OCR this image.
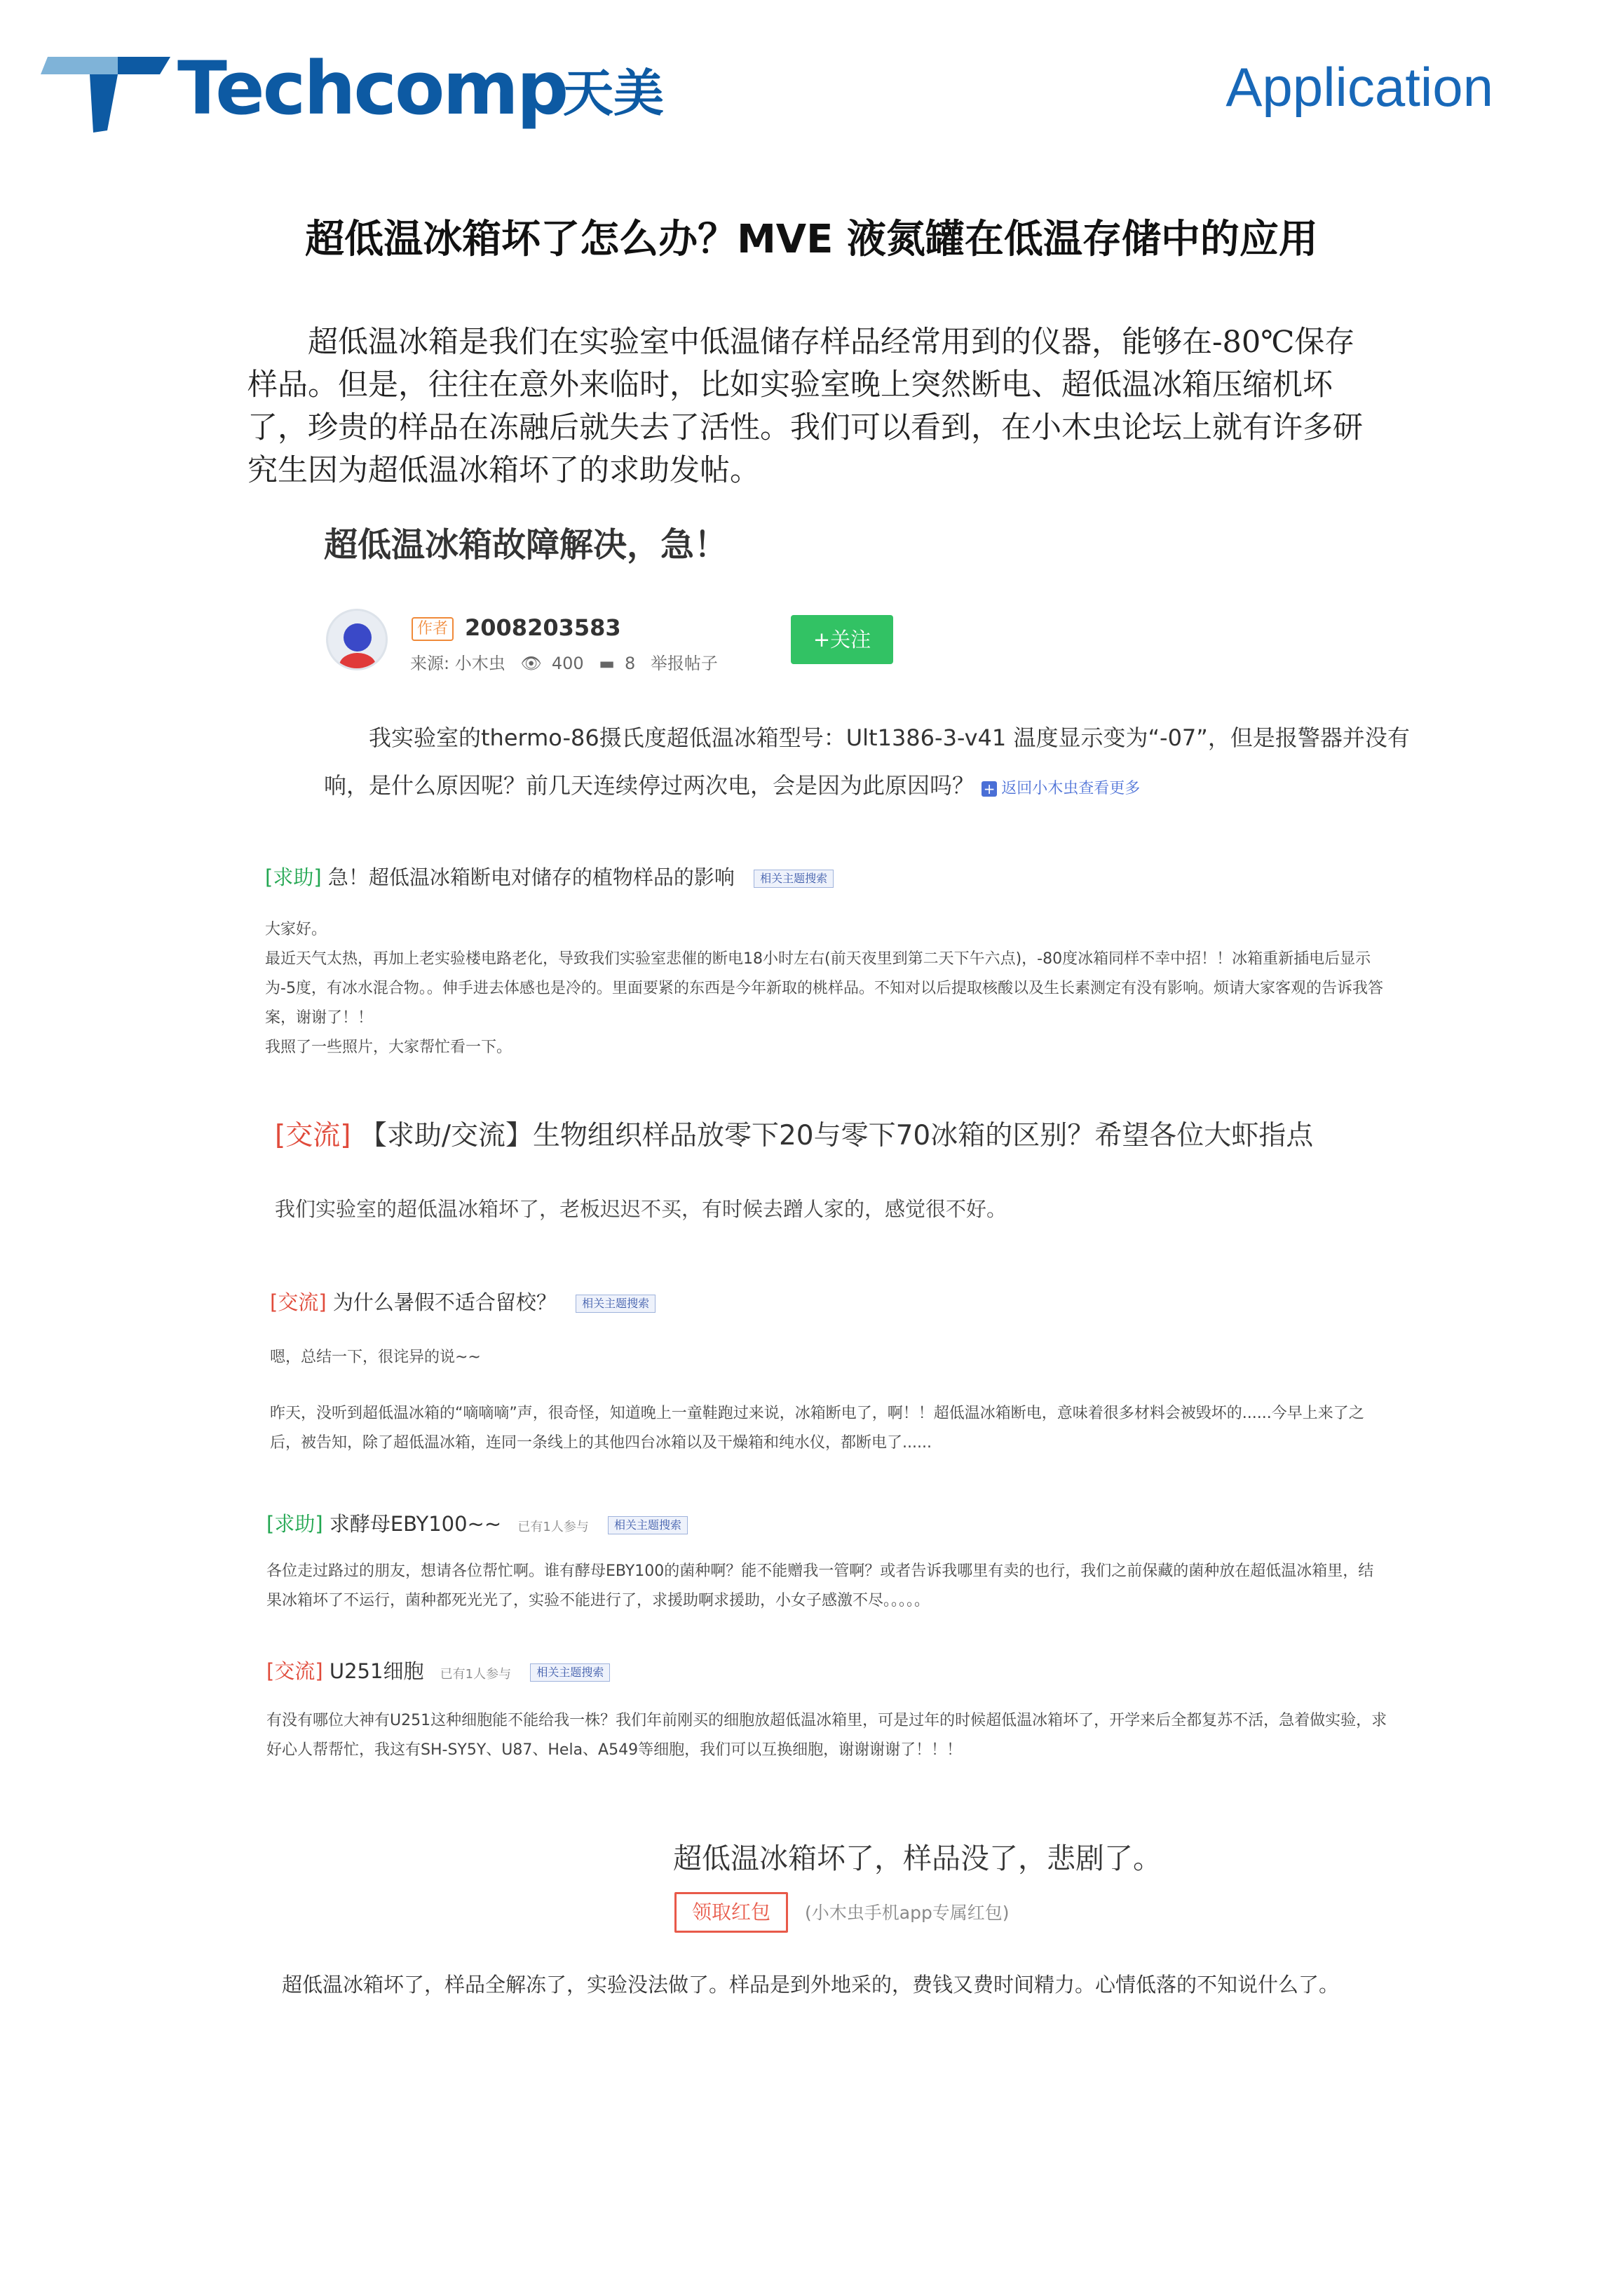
Techcomp
天美	Application
超低温冰箱坏了怎么办？MVE 液氮罐在低温存储中的应用
超低温冰箱是我们在实验室中低温储存样品经常用到的仪器，能够在-80℃保存样品。但是，往往在意外来临时，比如实验室晚上突然断电、超低温冰箱压缩机坏了，珍贵的样品在冻融后就失去了活性。我们可以看到，在小木虫论坛上就有许多研究生因为超低温冰箱坏了的求助发帖。
超低温冰箱故障解决，急！
作者 2008203583
来源: 小木虫 👁 400 ▬ 8 举报帖子
+关注
我实验室的thermo-86摄氏度超低温冰箱型号：Ult1386-3-v41 温度显示变为“-07”，但是报警器并没有响，是什么原因呢？前几天连续停过两次电，会是因为此原因吗？ + 返回小木虫查看更多
[求助] 急！超低温冰箱断电对储存的植物样品的影响 相关主题搜索
大家好。
最近天气太热，再加上老实验楼电路老化，导致我们实验室悲催的断电18小时左右(前天夜里到第二天下午六点)，-80度冰箱同样不幸中招！！冰箱重新插电后显示为-5度，有冰水混合物。。伸手进去体感也是冷的。里面要紧的东西是今年新取的桃样品。不知对以后提取核酸以及生长素测定有没有影响。烦请大家客观的告诉我答案，谢谢了！！
我照了一些照片，大家帮忙看一下。
[交流] 【求助/交流】生物组织样品放零下20与零下70冰箱的区别？希望各位大虾指点
我们实验室的超低温冰箱坏了，老板迟迟不买，有时候去蹭人家的，感觉很不好。
[交流] 为什么暑假不适合留校？ 相关主题搜索
嗯，总结一下，很诧异的说~~
昨天，没听到超低温冰箱的“嘀嘀嘀”声，很奇怪，知道晚上一童鞋跑过来说，冰箱断电了，啊！！超低温冰箱断电，意味着很多材料会被毁坏的......今早上来了之后，被告知，除了超低温冰箱，连同一条线上的其他四台冰箱以及干燥箱和纯水仪，都断电了......
[求助] 求酵母EBY100~~ 已有1人参与 相关主题搜索
各位走过路过的朋友，想请各位帮忙啊。谁有酵母EBY100的菌种啊？能不能赠我一管啊？或者告诉我哪里有卖的也行，我们之前保藏的菌种放在超低温冰箱里，结果冰箱坏了不运行，菌种都死光光了，实验不能进行了，求援助啊求援助，小女子感激不尽。。。。。
[交流] U251细胞 已有1人参与 相关主题搜索
有没有哪位大神有U251这种细胞能不能给我一株？我们年前刚买的细胞放超低温冰箱里，可是过年的时候超低温冰箱坏了，开学来后全都复苏不活，急着做实验，求好心人帮帮忙，我这有SH-SY5Y、U87、Hela、A549等细胞，我们可以互换细胞，谢谢谢谢了！！！
超低温冰箱坏了，样品没了，悲剧了。
领取红包	(小木虫手机app专属红包)
超低温冰箱坏了，样品全解冻了，实验没法做了。样品是到外地采的，费钱又费时间精力。心情低落的不知说什么了。
